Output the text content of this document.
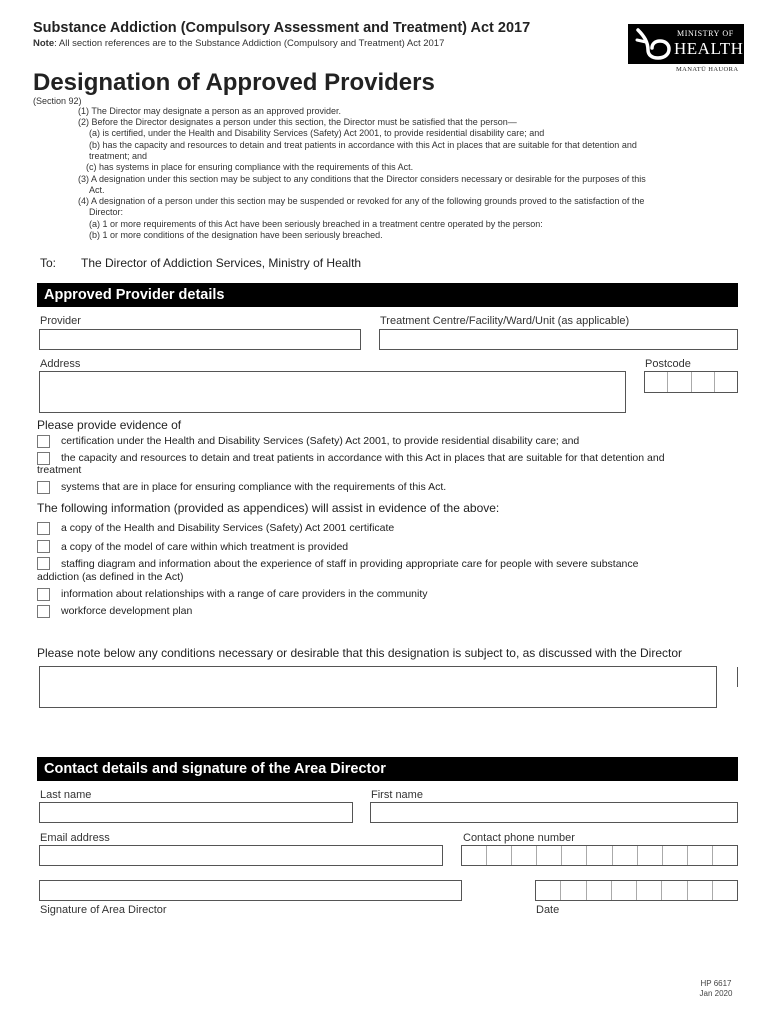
Substance Addiction (Compulsory Assessment and Treatment) Act 2017
Note: All section references are to the Substance Addiction (Compulsory and Treatment) Act 2017
MINISTRY OF
HEALTH
MANATŪ HAUORA
Designation of Approved Providers
(Section 92)
(1) The Director may designate a person as an approved provider.
(2) Before the Director designates a person under this section, the Director must be satisfied that the person—
(a) is certified, under the Health and Disability Services (Safety) Act 2001, to provide residential disability care; and
(b) has the capacity and resources to detain and treat patients in accordance with this Act in places that are suitable for that detention and
treatment; and
(c) has systems in place for ensuring compliance with the requirements of this Act.
(3) A designation under this section may be subject to any conditions that the Director considers necessary or desirable for the purposes of this
Act.
(4) A designation of a person under this section may be suspended or revoked for any of the following grounds proved to the satisfaction of the
Director:
(a) 1 or more requirements of this Act have been seriously breached in a treatment centre operated by the person:
(b) 1 or more conditions of the designation have been seriously breached.
To: The Director of Addiction Services, Ministry of Health
Approved Provider details
Provider	Treatment Centre/Facility/Ward/Unit (as applicable)
Address	Postcode
Please provide evidence of
certification under the Health and Disability Services (Safety) Act 2001, to provide residential disability care; and
the capacity and resources to detain and treat patients in accordance with this Act in places that are suitable for that detention and
treatment
systems that are in place for ensuring compliance with the requirements of this Act.
The following information (provided as appendices) will assist in evidence of the above:
a copy of the Health and Disability Services (Safety) Act 2001 certificate
a copy of the model of care within which treatment is provided
staffing diagram and information about the experience of staff in providing appropriate care for people with severe substance
addiction (as defined in the Act)
information about relationships with a range of care providers in the community
workforce development plan
Please note below any conditions necessary or desirable that this designation is subject to, as discussed with the Director
Contact details and signature of the Area Director
Last name	First name
Email address	Contact phone number
Signature of Area Director	Date
HP 6617
Jan 2020
